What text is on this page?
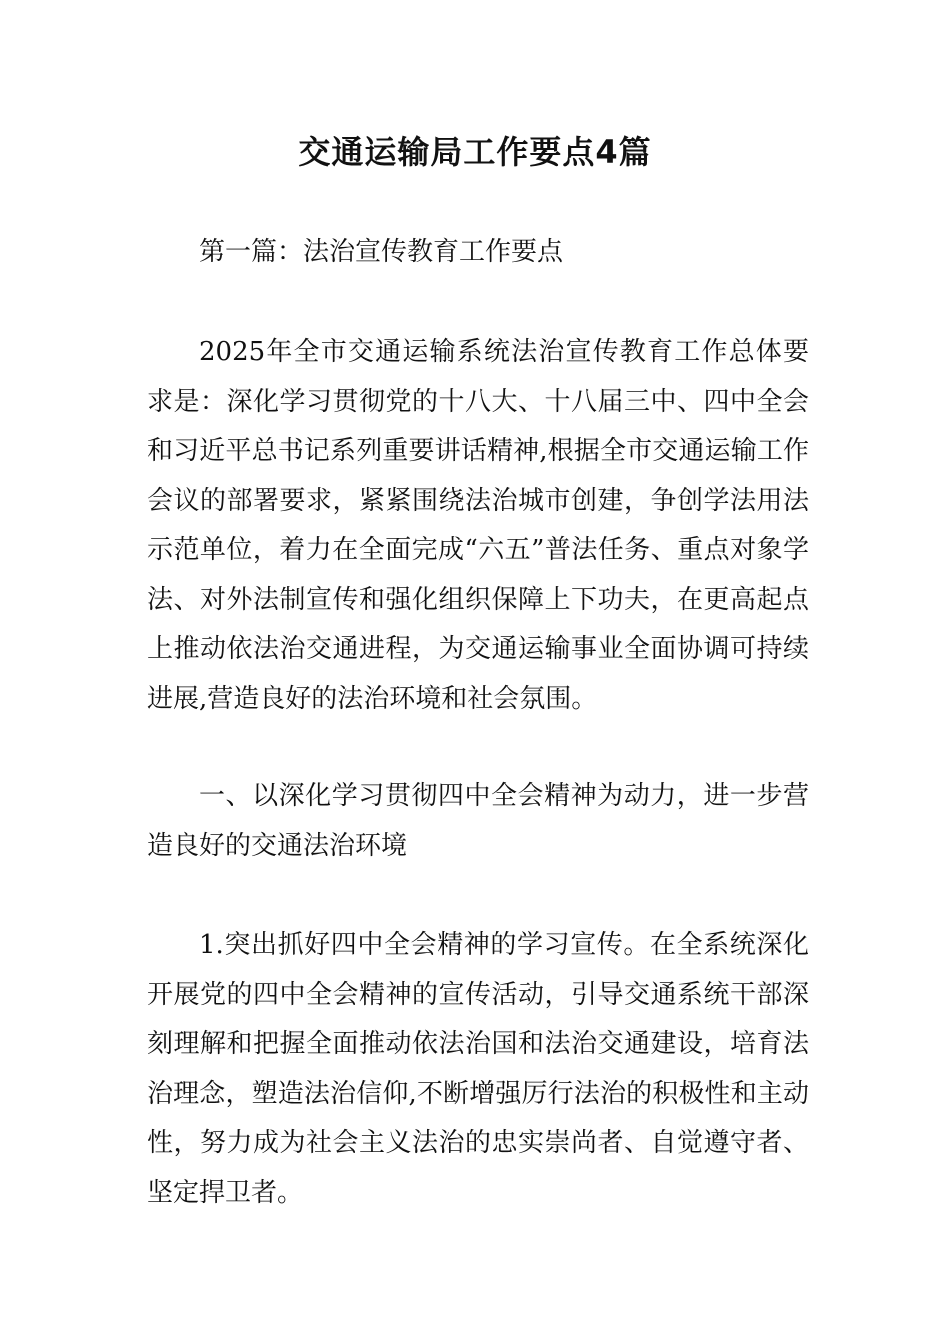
交通运输局工作要点4篇

第一篇：法治宣传教育工作要点

2025年全市交通运输系统法治宣传教育工作总体要求是：深化学习贯彻党的十八大、十八届三中、四中全会和习近平总书记系列重要讲话精神,根据全市交通运输工作会议的部署要求，紧紧围绕法治城市创建，争创学法用法示范单位，着力在全面完成“六五”普法任务、重点对象学法、对外法制宣传和强化组织保障上下功夫，在更高起点上推动依法治交通进程，为交通运输事业全面协调可持续进展,营造良好的法治环境和社会氛围。

一、以深化学习贯彻四中全会精神为动力，进一步营造良好的交通法治环境

1.突出抓好四中全会精神的学习宣传。在全系统深化开展党的四中全会精神的宣传活动，引导交通系统干部深刻理解和把握全面推动依法治国和法治交通建设，培育法治理念，塑造法治信仰,不断增强厉行法治的积极性和主动性，努力成为社会主义法治的忠实崇尚者、自觉遵守者、坚定捍卫者。
